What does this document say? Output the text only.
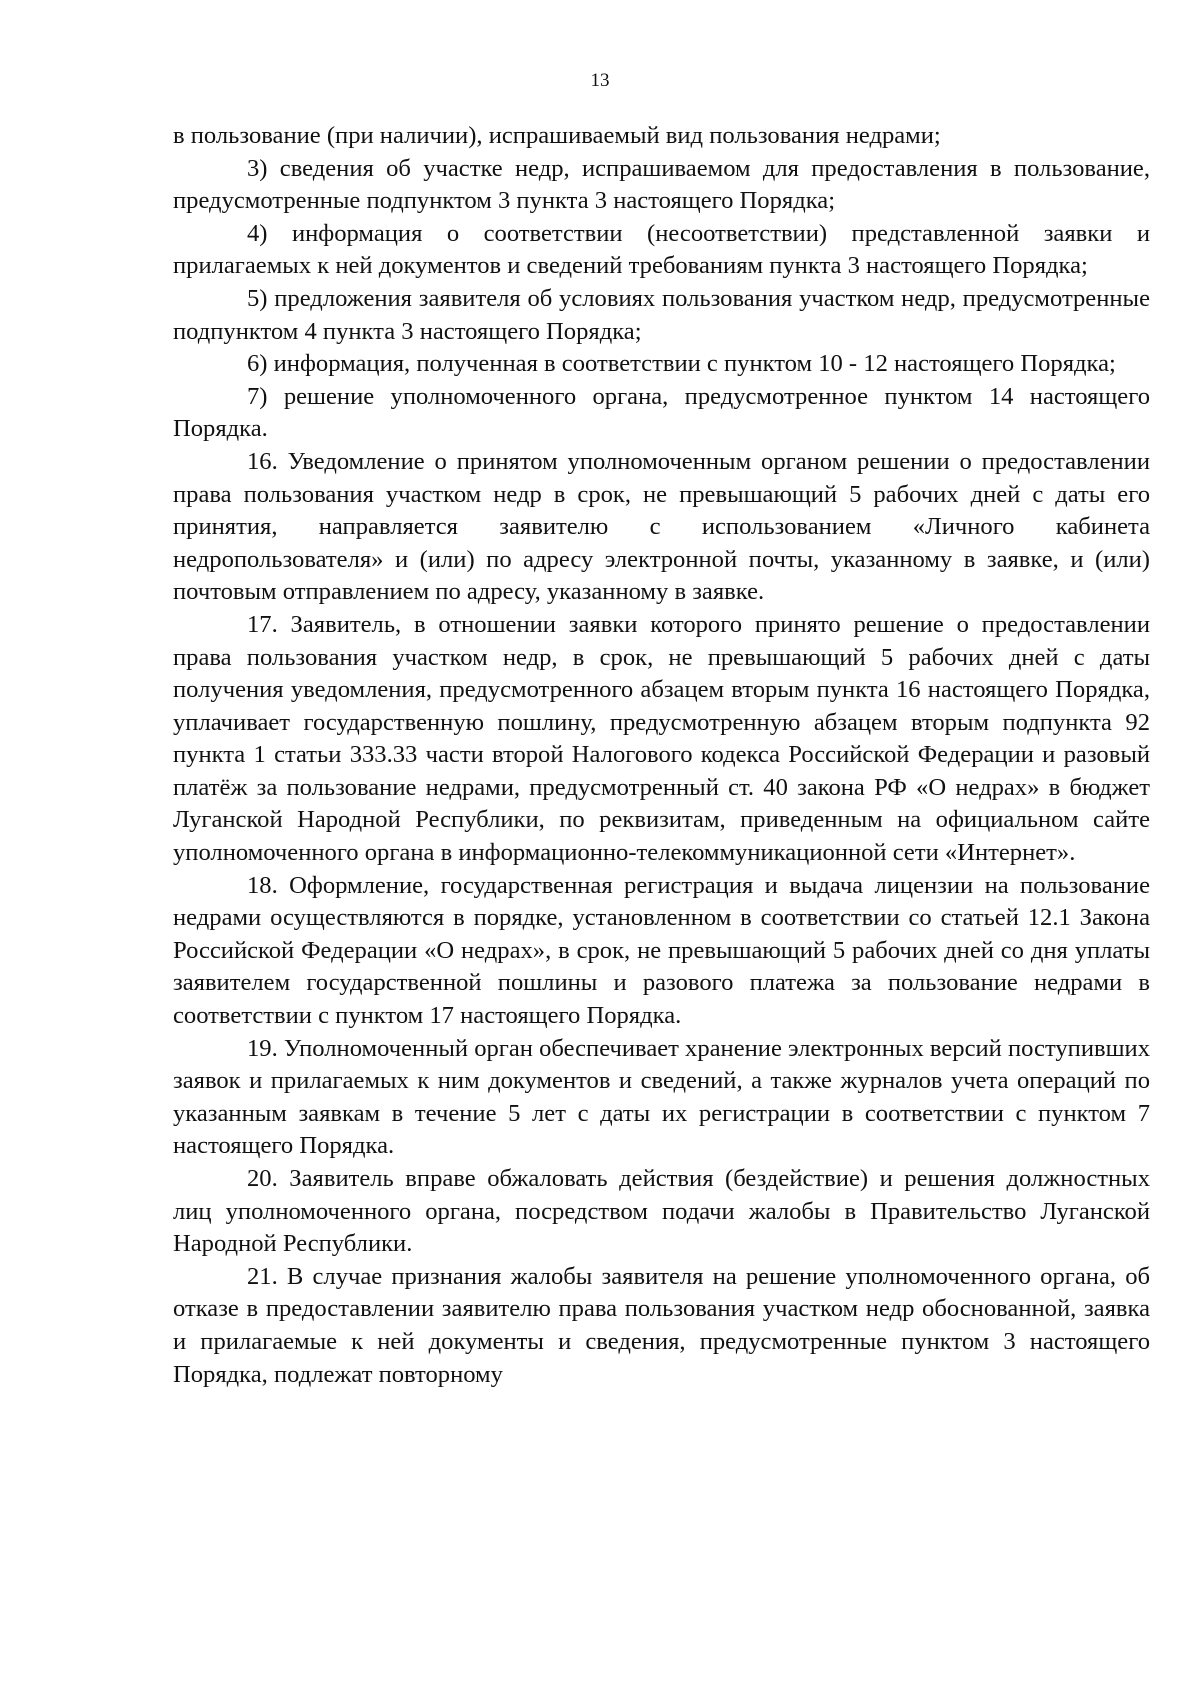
13

в пользование (при наличии), испрашиваемый вид пользования недрами;

3) сведения об участке недр, испрашиваемом для предоставления в пользование, предусмотренные подпунктом 3 пункта 3 настоящего Порядка;

4) информация о соответствии (несоответствии) представленной заявки и прилагаемых к ней документов и сведений требованиям пункта 3 настоящего Порядка;

5) предложения заявителя об условиях пользования участком недр, предусмотренные подпунктом 4 пункта 3 настоящего Порядка;

6) информация, полученная в соответствии с пунктом 10 - 12 настоящего Порядка;

7) решение уполномоченного органа, предусмотренное пунктом 14 настоящего Порядка.

16. Уведомление о принятом уполномоченным органом решении о предоставлении права пользования участком недр в срок, не превышающий 5 рабочих дней с даты его принятия, направляется заявителю с использованием «Личного кабинета недропользователя» и (или) по адресу электронной почты, указанному в заявке, и (или) почтовым отправлением по адресу, указанному в заявке.

17. Заявитель, в отношении заявки которого принято решение о предоставлении права пользования участком недр, в срок, не превышающий 5 рабочих дней с даты получения уведомления, предусмотренного абзацем вторым пункта 16 настоящего Порядка, уплачивает государственную пошлину, предусмотренную абзацем вторым подпункта 92 пункта 1 статьи 333.33 части второй Налогового кодекса Российской Федерации и разовый платёж за пользование недрами, предусмотренный ст. 40 закона РФ «О недрах» в бюджет Луганской Народной Республики, по реквизитам, приведенным на официальном сайте уполномоченного органа в информационно-телекоммуникационной сети «Интернет».

18. Оформление, государственная регистрация и выдача лицензии на пользование недрами осуществляются в порядке, установленном в соответствии со статьей 12.1 Закона Российской Федерации «О недрах», в срок, не превышающий 5 рабочих дней со дня уплаты заявителем государственной пошлины и разового платежа за пользование недрами в соответствии с пунктом 17 настоящего Порядка.

19. Уполномоченный орган обеспечивает хранение электронных версий поступивших заявок и прилагаемых к ним документов и сведений, а также журналов учета операций по указанным заявкам в течение 5 лет с даты их регистрации в соответствии с пунктом 7 настоящего Порядка.

20. Заявитель вправе обжаловать действия (бездействие) и решения должностных лиц уполномоченного органа, посредством подачи жалобы в Правительство Луганской Народной Республики.

21. В случае признания жалобы заявителя на решение уполномоченного органа, об отказе в предоставлении заявителю права пользования участком недр обоснованной, заявка и прилагаемые к ней документы и сведения, предусмотренные пунктом 3 настоящего Порядка, подлежат повторному
